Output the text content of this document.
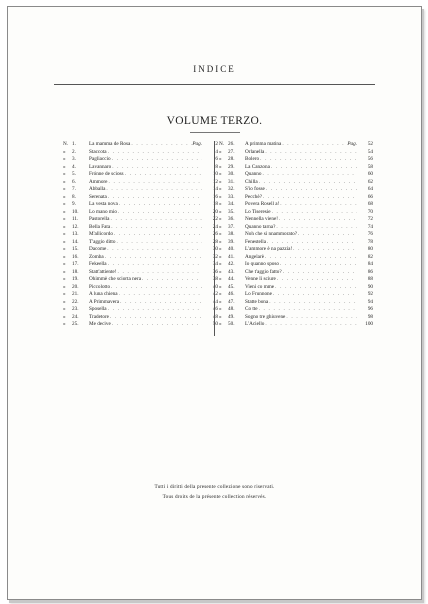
INDICE
VOLUME TERZO.
N. 1.	La mamma de Rosa . . .	Pag.	2
»	2.	Staccota . . .	4
»	3.	Pagliaccio . . .	6
»	4.	Lavannaro . . .	8
»	5.	Frónne de scioss . . .	10
»	6.	Ammore . . .	12
»	7.	Abballa . . .	14
»	8.	Serenata . . .	16
»	9.	La vesta nova . . .	18
»	10.	Lo mano mio . . .	20
»	11.	Pastorella . . .	22
»	12.	Bella Fata . . .	24
»	13.	M'allicordo . . .	26
»	14.	T'aggio ditto . . .	28
»	15.	Dacome . . .	30
»	16.	Zomba . . .	32
»	17.	Fekeella . . .	34
»	18.	Statt'attiente! . . .	36
»	19.	Ohimmè che sciorta nera . . .	38
»	20.	Piccolotto . . .	40
»	21.	A luna chiena . . .	42
»	22.	A Primmavera . . .	44
»	23.	Sposella . . .	46
»	24.	Tradetore . . .	48
»	25.	Me decive . . .	50
N. 26.	A primma matina . . .	Pag.	52
»	27.	Orlanella . . .	54
»	28.	Bolero . . .	56
»	29.	La Canzona . . .	58
»	30.	Quanno . . .	60
»	31.	Chilla . . .	62
»	32.	S'io fosse . . .	64
»	33.	Pecchè? . . .	66
»	34.	Povera Rosell a! . . .	68
»	35.	Lo Tiseresie . . .	70
»	36.	Nennella viene! . . .	72
»	37.	Quanno tarna? . . .	74
»	38.	Noh che sì nnammorato? . . .	76
»	39.	Fenestella . . .	78
»	40.	L'ammore è na pazzia! . . .	80
»	41.	Angelarè . . .	82
»	42.	Io quanno sposo . . .	84
»	43.	Che t'aggio fatto? . . .	86
»	44.	Venne lì sciure . . .	88
»	45.	Vieni co mme . . .	90
»	46.	Lo Frunnone . . .	92
»	47.	Statte bona . . .	94
»	48.	Co tte . . .	96
»	49.	Sogno tre ghiuvene . . .	98
»	50.	L'Aciello . . .	100
Tutti i diritti della presente collezione sono riservati.
Tous droits de la présente collection réservés.
